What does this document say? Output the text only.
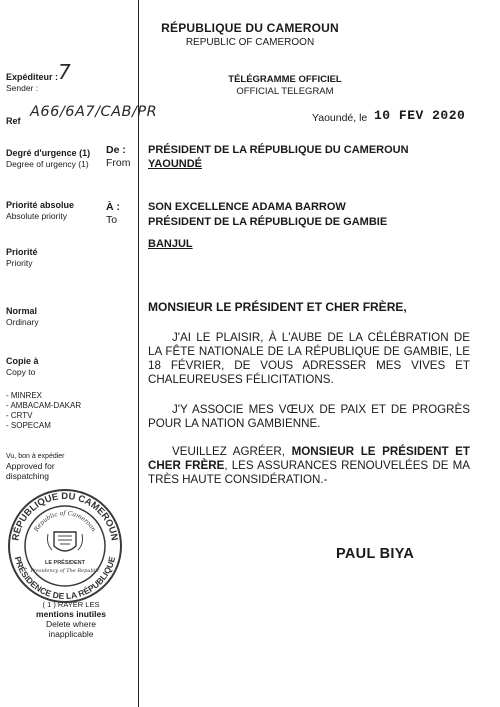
RÉPUBLIQUE DU CAMEROUN
REPUBLIC OF CAMEROON
Expéditeur :
Sender :
7
Ref
A66/6A7/CAB/PR
Degré d'urgence (1)
Degree of urgency (1)
Priorité absolue
Absolute priority
Priorité
Priority
Normal
Ordinary
Copie à
Copy to
- MINREX
- AMBACAM-DAKAR
- CRTV
- SOPECAM
Vu, bon à expédier
Approved for
dispatching
RÉPUBLIQUE DU CAMEROUN
PRÉSIDENCE DE LA RÉPUBLIQUE
Republic of Cameroon
LE PRÉSIDENT
Presidency of The Republic
( 1 ) RAYER LES
mentions inutiles
Delete where
inapplicable
TÉLÉGRAMME OFFICIEL
OFFICIAL TELEGRAM
Yaoundé, le 10 FEV 2020
De :
From
PRÉSIDENT DE LA RÉPUBLIQUE DU CAMEROUN
YAOUNDÉ
À :
To
SON EXCELLENCE ADAMA BARROW
PRÉSIDENT DE LA RÉPUBLIQUE DE GAMBIE
BANJUL
MONSIEUR LE PRÉSIDENT ET CHER FRÈRE,
J'AI LE PLAISIR, À L'AUBE DE LA CÉLÉBRATION DE LA FÊTE NATIONALE DE LA RÉPUBLIQUE DE GAMBIE, LE 18 FÉVRIER, DE VOUS ADRESSER MES VIVES ET CHALEUREUSES FÉLICITATIONS.
J'Y ASSOCIE MES VŒUX DE PAIX ET DE PROGRÈS POUR LA NATION GAMBIENNE.
VEUILLEZ AGRÉER, MONSIEUR LE PRÉSIDENT ET CHER FRÈRE, LES ASSURANCES RENOUVELÉES DE MA TRÈS HAUTE CONSIDÉRATION.-
PAUL BIYA
